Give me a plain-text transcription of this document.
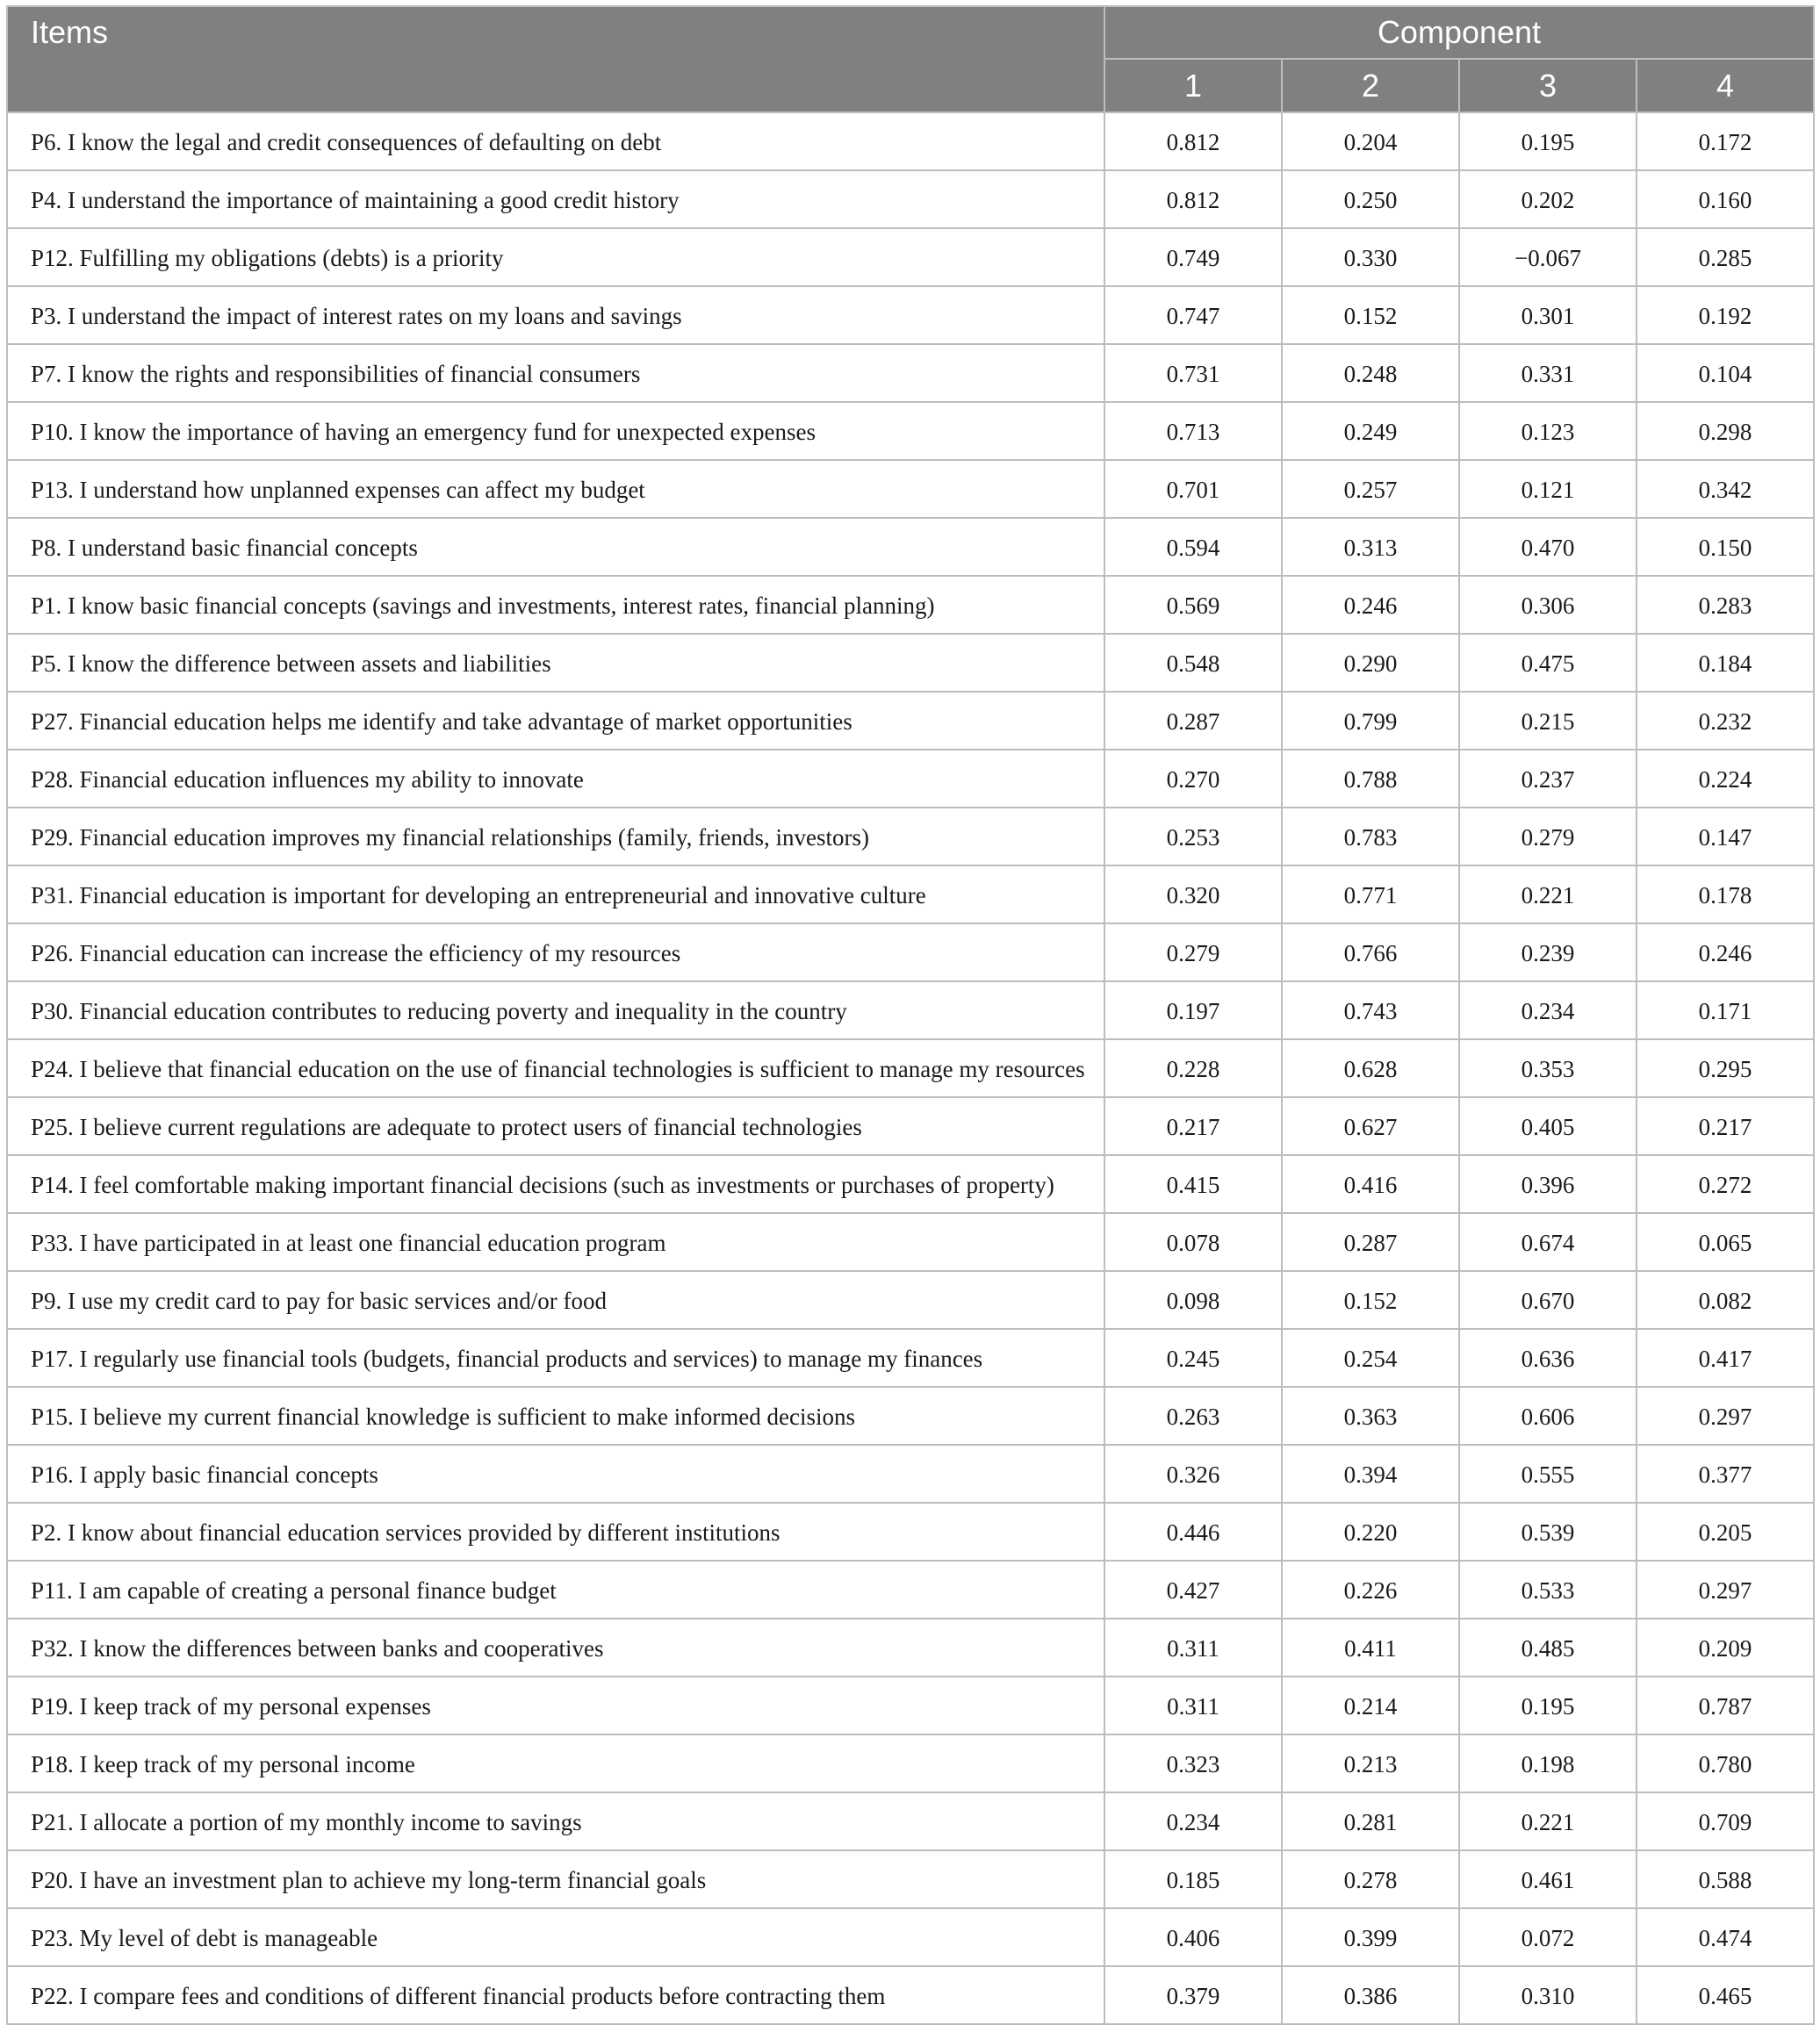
Items	Component			
	1	2	3	4
P6. I know the legal and credit consequences of defaulting on debt	0.812	0.204	0.195	0.172
P4. I understand the importance of maintaining a good credit history	0.812	0.250	0.202	0.160
P12. Fulfilling my obligations (debts) is a priority	0.749	0.330	−0.067	0.285
P3. I understand the impact of interest rates on my loans and savings	0.747	0.152	0.301	0.192
P7. I know the rights and responsibilities of financial consumers	0.731	0.248	0.331	0.104
P10. I know the importance of having an emergency fund for unexpected expenses	0.713	0.249	0.123	0.298
P13. I understand how unplanned expenses can affect my budget	0.701	0.257	0.121	0.342
P8. I understand basic financial concepts	0.594	0.313	0.470	0.150
P1. I know basic financial concepts (savings and investments, interest rates, financial planning)	0.569	0.246	0.306	0.283
P5. I know the difference between assets and liabilities	0.548	0.290	0.475	0.184
P27. Financial education helps me identify and take advantage of market opportunities	0.287	0.799	0.215	0.232
P28. Financial education influences my ability to innovate	0.270	0.788	0.237	0.224
P29. Financial education improves my financial relationships (family, friends, investors)	0.253	0.783	0.279	0.147
P31. Financial education is important for developing an entrepreneurial and innovative culture	0.320	0.771	0.221	0.178
P26. Financial education can increase the efficiency of my resources	0.279	0.766	0.239	0.246
P30. Financial education contributes to reducing poverty and inequality in the country	0.197	0.743	0.234	0.171
P24. I believe that financial education on the use of financial technologies is sufficient to manage my resources	0.228	0.628	0.353	0.295
P25. I believe current regulations are adequate to protect users of financial technologies	0.217	0.627	0.405	0.217
P14. I feel comfortable making important financial decisions (such as investments or purchases of property)	0.415	0.416	0.396	0.272
P33. I have participated in at least one financial education program	0.078	0.287	0.674	0.065
P9. I use my credit card to pay for basic services and/or food	0.098	0.152	0.670	0.082
P17. I regularly use financial tools (budgets, financial products and services) to manage my finances	0.245	0.254	0.636	0.417
P15. I believe my current financial knowledge is sufficient to make informed decisions	0.263	0.363	0.606	0.297
P16. I apply basic financial concepts	0.326	0.394	0.555	0.377
P2. I know about financial education services provided by different institutions	0.446	0.220	0.539	0.205
P11. I am capable of creating a personal finance budget	0.427	0.226	0.533	0.297
P32. I know the differences between banks and cooperatives	0.311	0.411	0.485	0.209
P19. I keep track of my personal expenses	0.311	0.214	0.195	0.787
P18. I keep track of my personal income	0.323	0.213	0.198	0.780
P21. I allocate a portion of my monthly income to savings	0.234	0.281	0.221	0.709
P20. I have an investment plan to achieve my long-term financial goals	0.185	0.278	0.461	0.588
P23. My level of debt is manageable	0.406	0.399	0.072	0.474
P22. I compare fees and conditions of different financial products before contracting them	0.379	0.386	0.310	0.465
